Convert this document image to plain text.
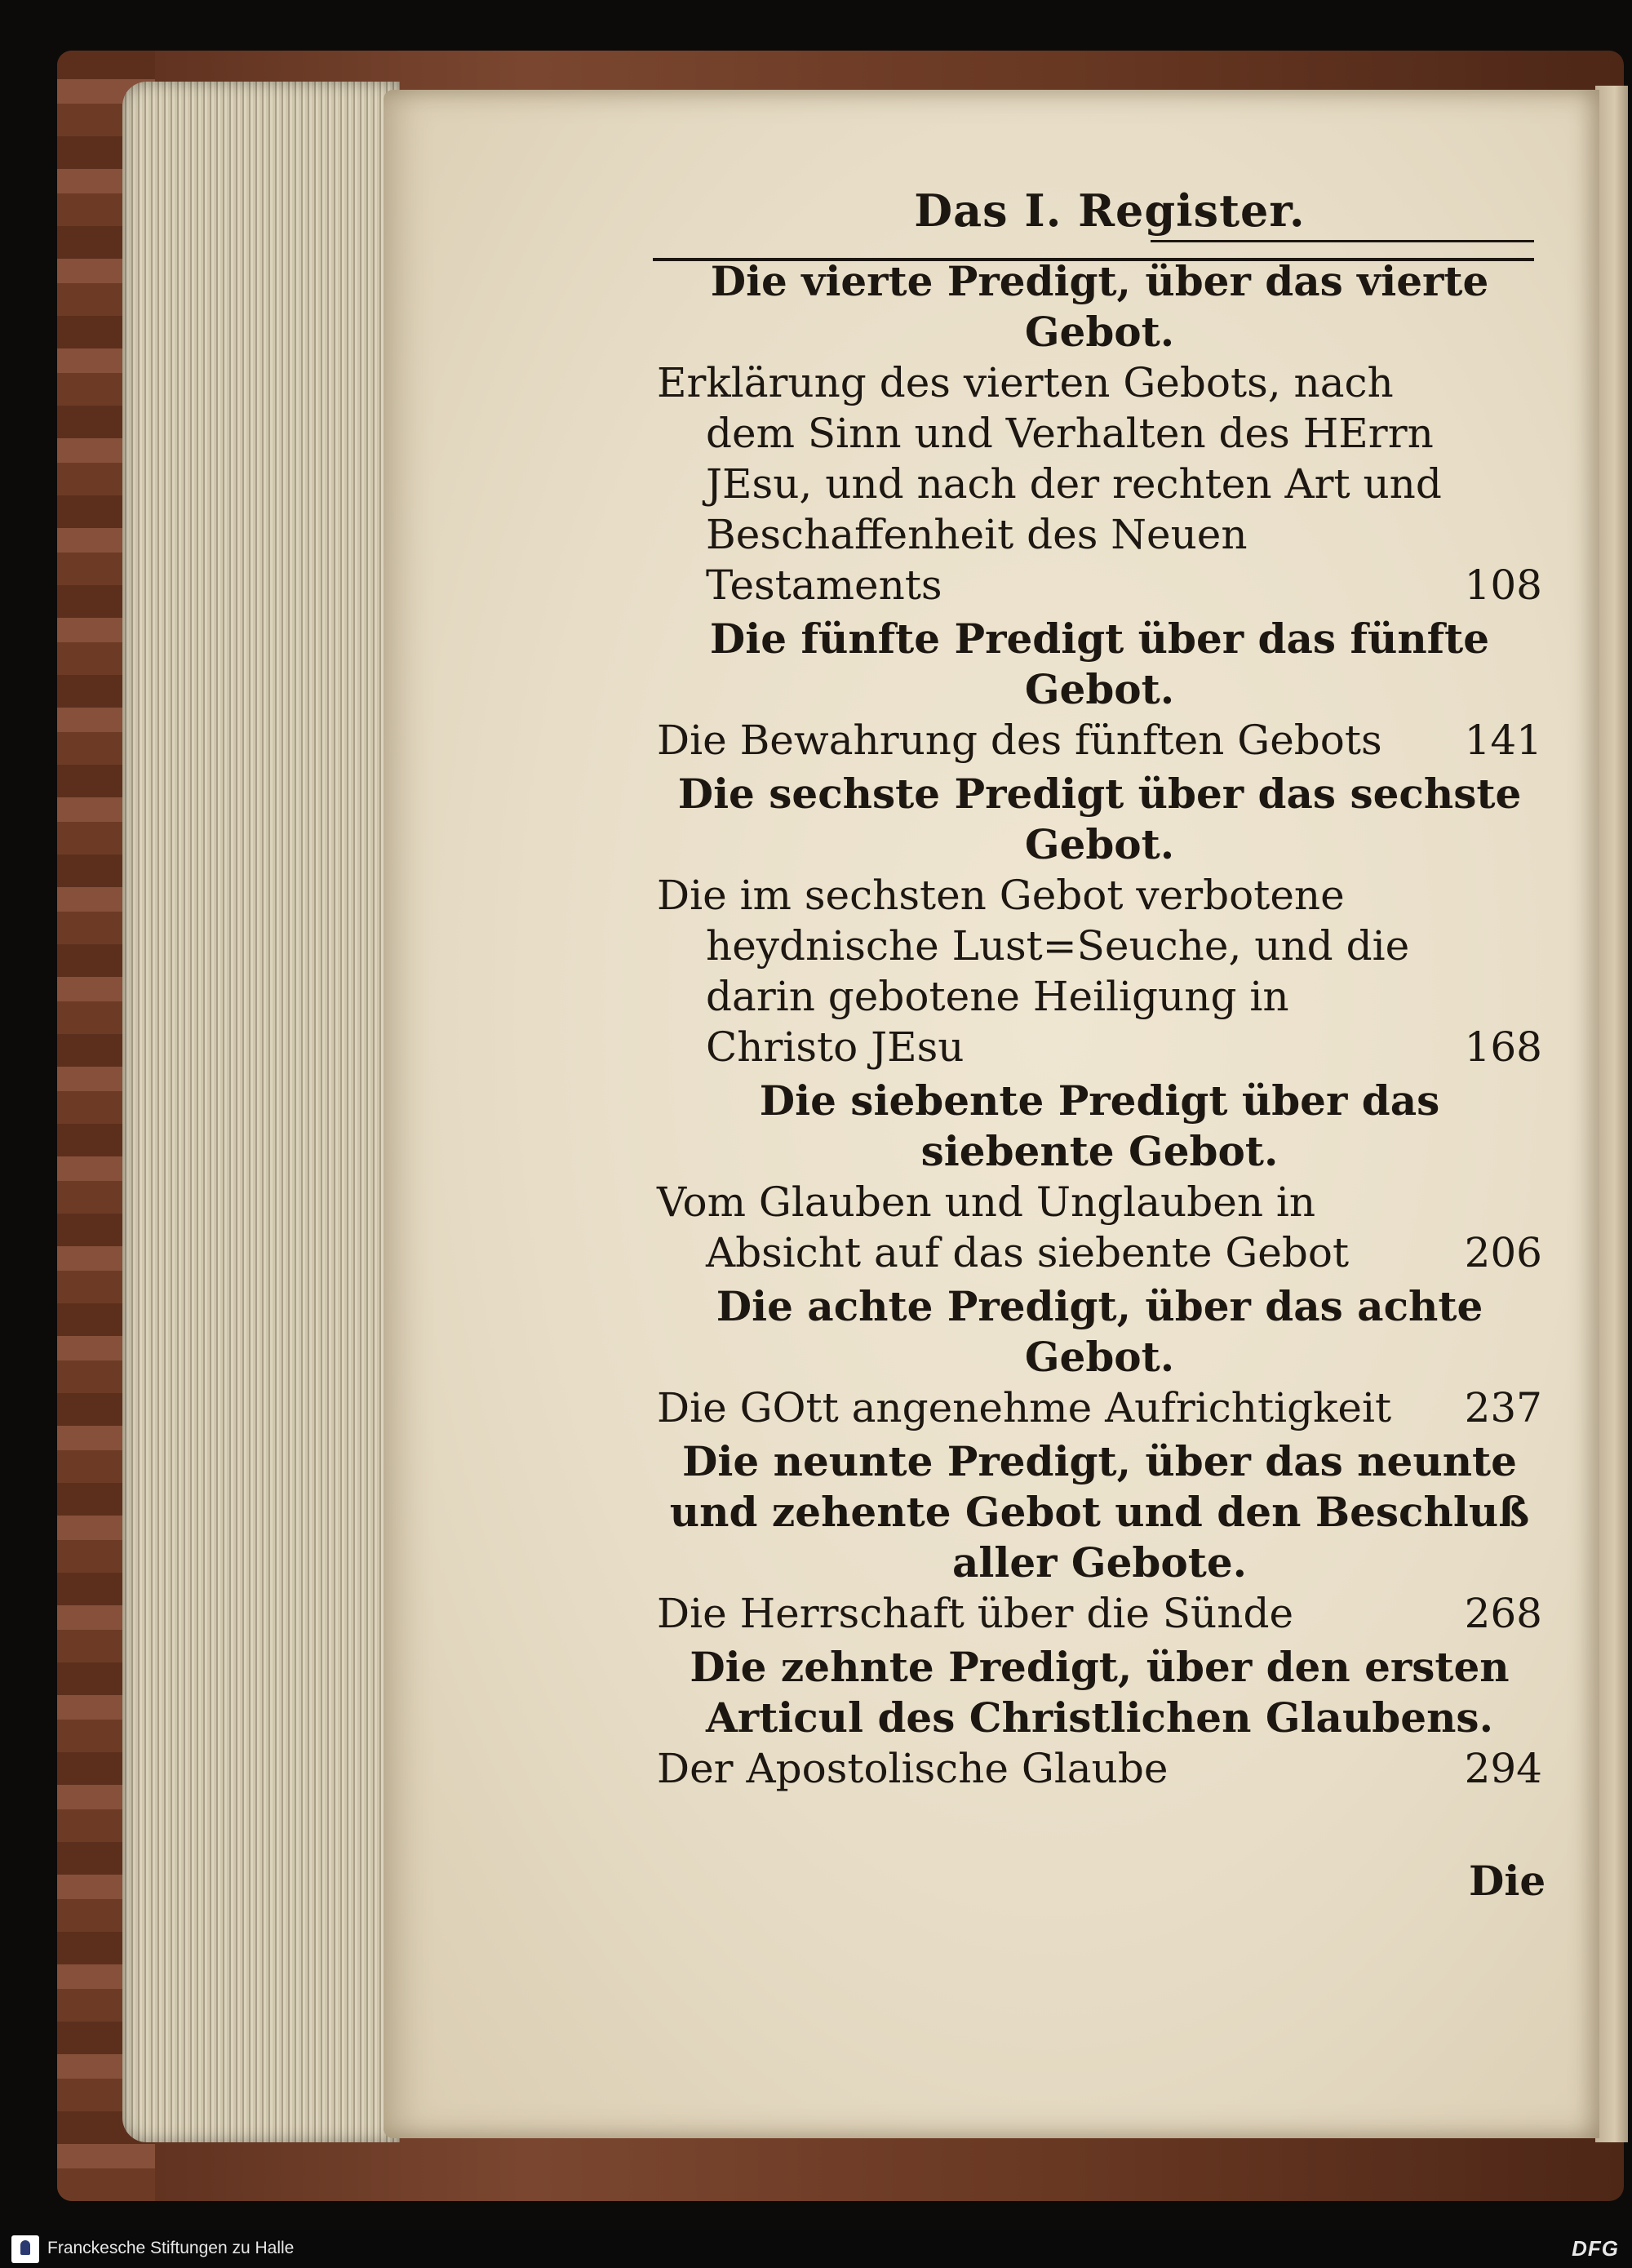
Das I. Register.
Die vierte Predigt, über das vierte Gebot.
Erklärung des vierten Gebots, nach dem Sinn und Verhalten des HErrn JEsu, und nach der rechten Art und Beschaffenheit des Neuen Testaments	108
Die fünfte Predigt über das fünfte Gebot.
Die Bewahrung des fünften Gebots	141
Die sechste Predigt über das sechste Gebot.
Die im sechsten Gebot verbotene heydnische Lust=Seuche, und die darin gebotene Heiligung in Christo JEsu	168
Die siebente Predigt über das siebente Gebot.
Vom Glauben und Unglauben in Absicht auf das siebente Gebot	206
Die achte Predigt, über das achte Gebot.
Die GOtt angenehme Aufrichtigkeit	237
Die neunte Predigt, über das neunte und zehente Gebot und den Beschluß aller Gebote.
Die Herrschaft über die Sünde	268
Die zehnte Predigt, über den ersten Articul des Christlichen Glaubens.
Der Apostolische Glaube	294
Die
Franckesche Stiftungen zu Halle	DFG
